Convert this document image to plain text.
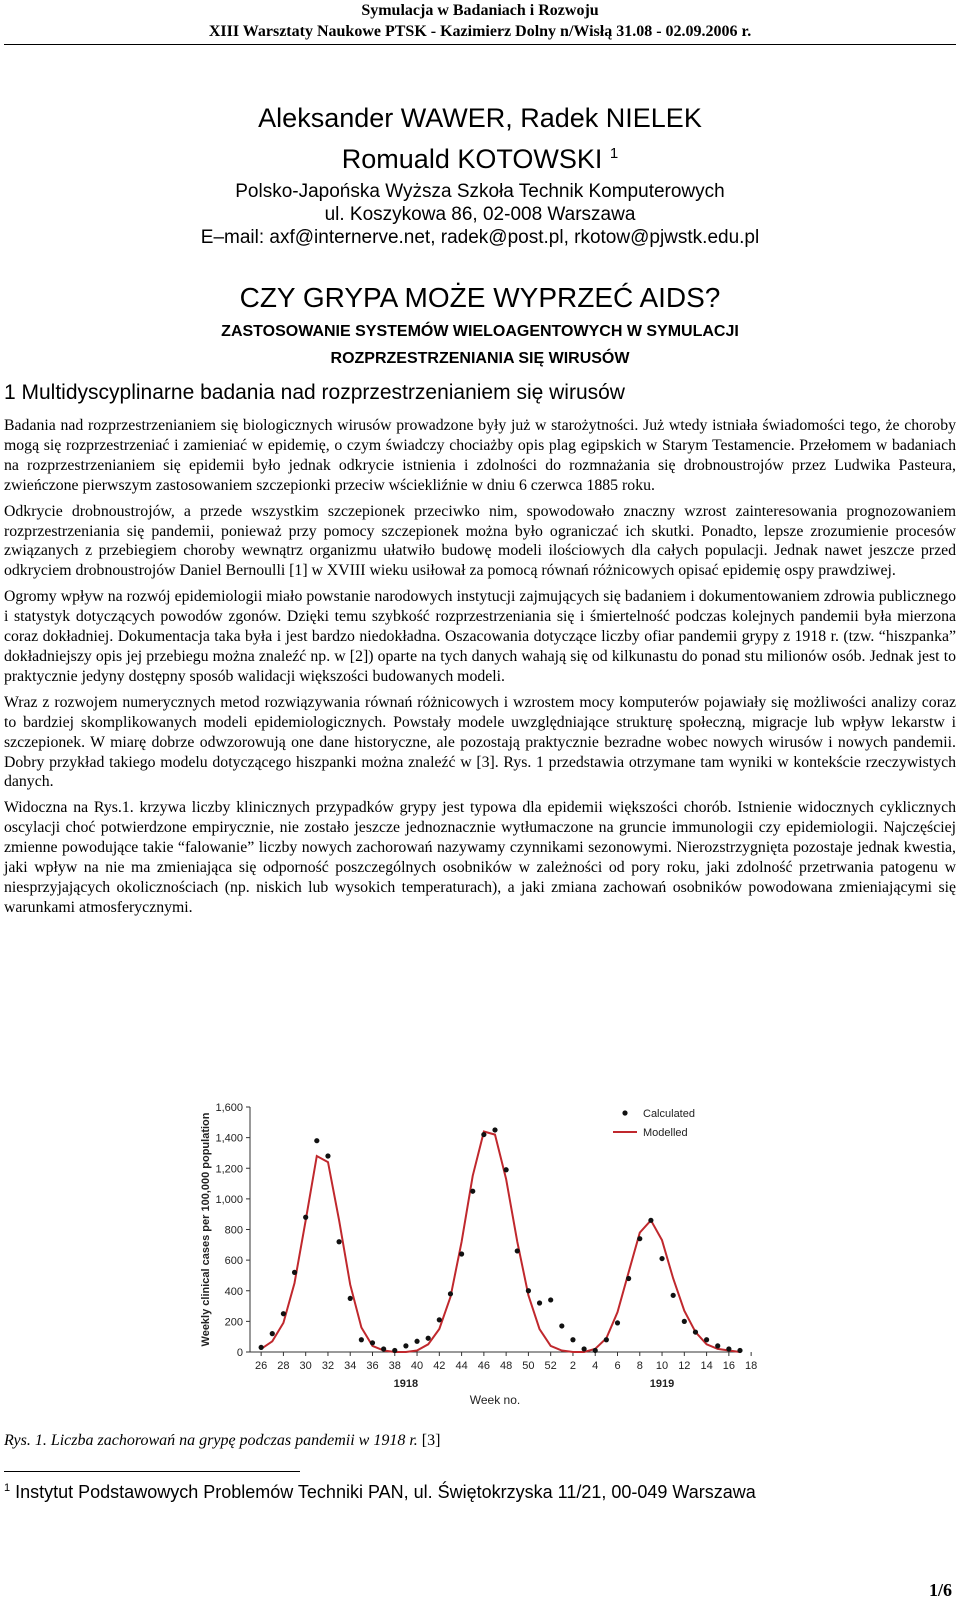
Symulacja w Badaniach i Rozwoju
XIII Warsztaty Naukowe PTSK - Kazimierz Dolny n/Wisłą 31.08 - 02.09.2006 r.
Aleksander WAWER, Radek NIELEK
Romuald KOTOWSKI $^1$
Polsko-Japońska Wyższa Szkoła Technik Komputerowych
ul. Koszykowa 86, 02-008 Warszawa
E–mail: axf@internerve.net, radek@post.pl, rkotow@pjwstk.edu.pl
CZY GRYPA MOŻE WYPRZEĆ AIDS?
ZASTOSOWANIE SYSTEMÓW WIELOAGENTOWYCH W SYMULACJI
ROZPRZESTRZENIANIA SIĘ WIRUSÓW
1 Multidyscyplinarne badania nad rozprzestrzenianiem się wirusów

Badania nad rozprzestrzenianiem się biologicznych wirusów prowadzone były już w starożytności. Już wtedy istniała świadomości tego, że choroby mogą się rozprzestrzeniać i zamieniać w epidemię, o czym świadczy chociażby opis plag egipskich w Starym Testamencie. Przełomem w badaniach na rozprzestrzenianiem się epidemii było jednak odkrycie istnienia i zdolności do rozmnażania się drobnoustrojów przez Ludwika Pasteura, zwieńczone pierwszym zastosowaniem szczepionki przeciw wściekliźnie w dniu 6 czerwca 1885 roku.

Odkrycie drobnoustrojów, a przede wszystkim szczepionek przeciwko nim, spowodowało znaczny wzrost zainteresowania prognozowaniem rozprzestrzeniania się pandemii, ponieważ przy pomocy szczepionek można było ograniczać ich skutki. Ponadto, lepsze zrozumienie procesów związanych z przebiegiem choroby wewnątrz organizmu ułatwiło budowę modeli ilościowych dla całych populacji. Jednak nawet jeszcze przed odkryciem drobnoustrojów Daniel Bernoulli [1] w XVIII wieku usiłował za pomocą równań różnicowych opisać epidemię ospy prawdziwej.

Ogromy wpływ na rozwój epidemiologii miało powstanie narodowych instytucji zajmujących się badaniem i dokumentowaniem zdrowia publicznego i statystyk dotyczących powodów zgonów. Dzięki temu szybkość rozprzestrzeniania się i śmiertelność podczas kolejnych pandemii była mierzona coraz dokładniej. Dokumentacja taka była i jest bardzo niedokładna. Oszacowania dotyczące liczby ofiar pandemii grypy z 1918 r. (tzw. “hiszpanka” dokładniejszy opis jej przebiegu można znaleźć np. w [2]) oparte na tych danych wahają się od kilkunastu do ponad stu milionów osób. Jednak jest to praktycznie jedyny dostępny sposób walidacji większości budowanych modeli.

Wraz z rozwojem numerycznych metod rozwiązywania równań różnicowych i wzrostem mocy komputerów pojawiały się możliwości analizy coraz to bardziej skomplikowanych modeli epidemiologicznych. Powstały modele uwzględniające strukturę społeczną, migracje lub wpływ lekarstw i szczepionek. W miarę dobrze odwzorowują one dane historyczne, ale pozostają praktycznie bezradne wobec nowych wirusów i nowych pandemii. Dobry przykład takiego modelu dotyczącego hiszpanki można znaleźć w [3]. Rys. 1 przedstawia otrzymane tam wyniki w kontekście rzeczywistych danych.

Widoczna na Rys.1. krzywa liczby klinicznych przypadków grypy jest typowa dla epidemii większości chorób. Istnienie widocznych cyklicznych oscylacji choć potwierdzone empirycznie, nie zostało jeszcze jednoznacznie wytłumaczone na gruncie immunologii czy epidemiologii. Najczęściej zmienne powodujące takie “falowanie” liczby nowych zachorowań nazywamy czynnikami sezonowymi. Nierozstrzygnięta pozostaje jednak kwestia, jaki wpływ na nie ma zmieniająca się odporność poszczególnych osobników w zależności od pory roku, jaki zdolność przetrwania patogenu w niesprzyjających okolicznościach (np. niskich lub wysokich temperaturach), a jaki zmiana zachowań osobników powodowana zmieniającymi się warunkami atmosferycznymi.

0
200
400
600
800
1,000
1,200
1,400
1,600
26 28 30 32 34 36 38 40 42 44 46 48 50 52 2 4 6 8 10 12 14 16 18
1918	1919
Week no.
Weekly clinical cases per 100,000 population	Calculated
Modelled
Rys. 1. Liczba zachorowań na grypę podczas pandemii w 1918 r. [3]
$^1$ Instytut Podstawowych Problemów Techniki PAN, ul. Świętokrzyska 11/21, 00-049 Warszawa
1/6
